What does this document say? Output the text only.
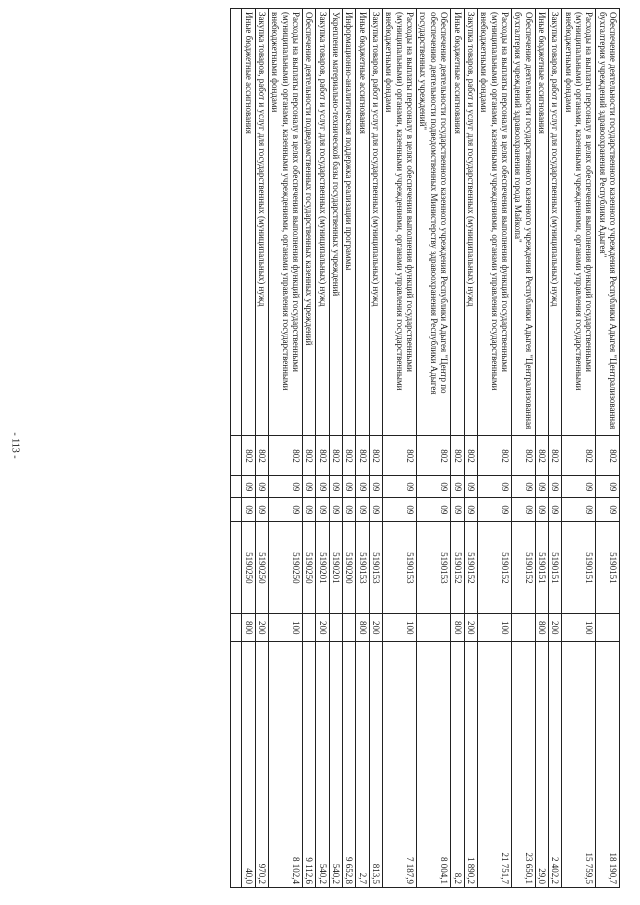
- 113 -
Обеспечение деятельности государственного казенного учреждения Республики Адыгея "Централизованная бухгалтерия учреждений здравоохранения Республики Адыгея"	802	09	09	5190151		18 190,7
Расходы на выплаты персоналу в целях обеспечения выполнения функций государственными (муниципальными) органами, казенными учреждениями, органами управления государственными внебюджетными фондами	802	09	09	5190151	100	15 759,5
Закупка товаров, работ и услуг для государственных (муниципальных) нужд	802	09	09	5190151	200	2 402,2
Иные бюджетные ассигнования	802	09	09	5190151	800	29,0
Обеспечение деятельности государственного казенного учреждения Республики Адыгея "Централизованная бухгалтерия учреждений здравоохранения города Майкопа"	802	09	09	5190152		23 650,1
Расходы на выплаты персоналу в целях обеспечения выполнения функций государственными (муниципальными) органами, казенными учреждениями, органами управления государственными внебюджетными фондами	802	09	09	5190152	100	21 751,7
Закупка товаров, работ и услуг для государственных (муниципальных) нужд	802	09	09	5190152	200	1 890,2
Иные бюджетные ассигнования	802	09	09	5190152	800	8,2
Обеспечение деятельности государственного казенного учреждения Республики Адыгея "Центр по обеспечению деятельности подведомственных Министерству здравоохранения Республики Адыгея государственных учреждений"	802	09	09	5190153		8 004,1
Расходы на выплаты персоналу в целях обеспечения выполнения функций государственными (муниципальными) органами, казенными учреждениями, органами управления государственными внебюджетными фондами	802	09	09	5190153	100	7 187,9
Закупка товаров, работ и услуг для государственных (муниципальных) нужд	802	09	09	5190153	200	813,5
Иные бюджетные ассигнования	802	09	09	5190153	800	2,7
Информационно-аналитическая поддержка реализации программы	802	09	09	5190200		9 652,8
Укрепление материально-технической базы государственных учреждений	802	09	09	5190201		540,2
Закупка товаров, работ и услуг для государственных (муниципальных) нужд	802	09	09	5190201	200	540,2
Обеспечение деятельности подведомственных государственных казенных учреждений	802	09	09	5190250		9 112,6
Расходы на выплаты персоналу в целях обеспечения выполнения функций государственными (муниципальными) органами, казенными учреждениями, органами управления государственными внебюджетными фондами	802	09	09	5190250	100	8 102,4
Закупка товаров, работ и услуг для государственных (муниципальных) нужд	802	09	09	5190250	200	970,2
Иные бюджетные ассигнования	802	09	09	5190250	800	40,0
